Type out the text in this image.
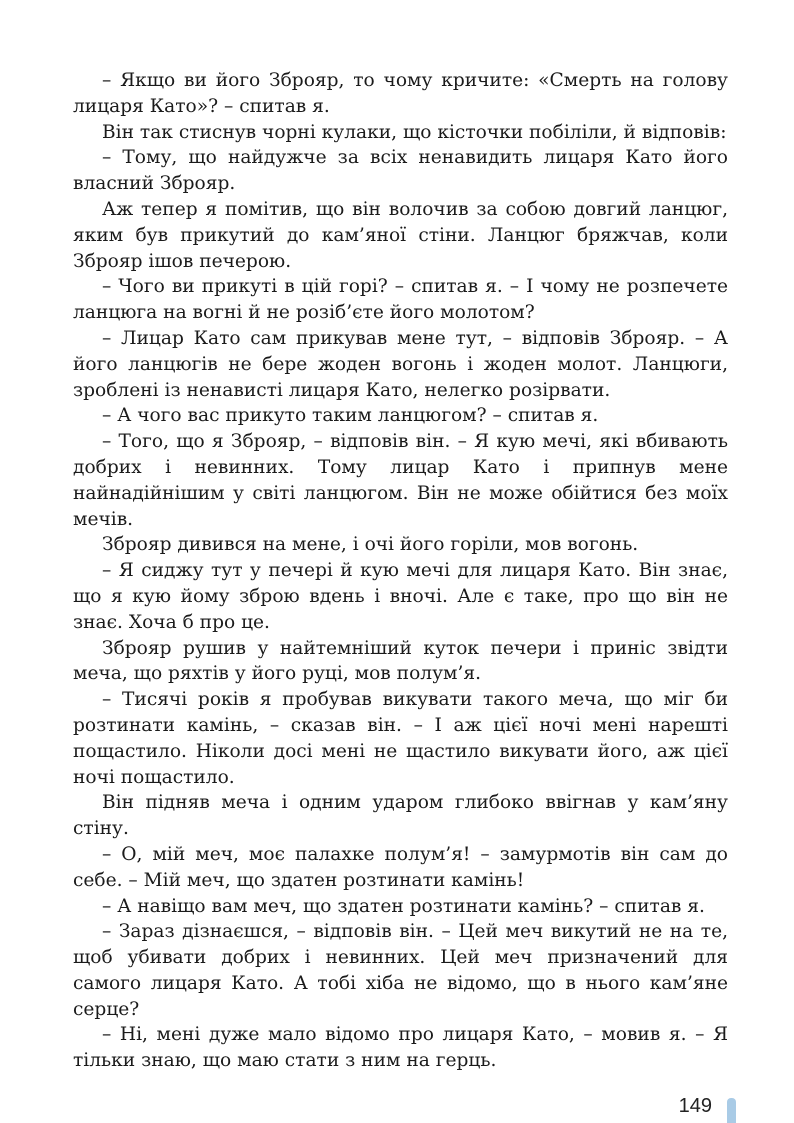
– Якщо ви його Зброяр, то чому кричите: «Смерть на голову лицаря Като»? – спитав я.

Він так стиснув чорні кулаки, що кісточки побіліли, й відповів:

– Тому, що найдужче за всіх ненавидить лицаря Като його власний Зброяр.

Аж тепер я помітив, що він волочив за собою довгий ланцюг, яким був прикутий до кам’яної стіни. Ланцюг бряжчав, коли Зброяр ішов печерою.

– Чого ви прикуті в цій горі? – спитав я. – І чому не розпечете ланцюга на вогні й не розіб’єте його молотом?

– Лицар Като сам прикував мене тут, – відповів Зброяр. – А його ланцюгів не бере жоден вогонь і жоден молот. Ланцюги, зроблені із ненависті лицаря Като, нелегко розірвати.

– А чого вас прикуто таким ланцюгом? – спитав я.

– Того, що я Зброяр, – відповів він. – Я кую мечі, які вбивають добрих і невинних. Тому лицар Като і припнув мене найнадійнішим у світі ланцюгом. Він не може обійтися без моїх мечів.

Зброяр дивився на мене, і очі його горіли, мов вогонь.

– Я сиджу тут у печері й кую мечі для лицаря Като. Він знає, що я кую йому зброю вдень і вночі. Але є таке, про що він не знає. Хоча б про це.

Зброяр рушив у найтемніший куток печери і приніс звідти меча, що ряхтів у його руці, мов полум’я.

– Тисячі років я пробував викувати такого меча, що міг би розтинати камінь, – сказав він. – І аж цієї ночі мені нарешті пощастило. Ніколи досі мені не щастило викувати його, аж цієї ночі пощастило.

Він підняв меча і одним ударом глибоко ввігнав у кам’яну стіну.

– О, мій меч, моє палахке полум’я! – замурмотів він сам до себе. – Мій меч, що здатен розтинати камінь!

– А навіщо вам меч, що здатен розтинати камінь? – спитав я.

– Зараз дізнаєшся, – відповів він. – Цей меч викутий не на те, щоб убивати добрих і невинних. Цей меч призначений для самого лицаря Като. А тобі хіба не відомо, що в нього кам’яне серце?

– Ні, мені дуже мало відомо про лицаря Като, – мовив я. – Я тільки знаю, що маю стати з ним на герць.

149
